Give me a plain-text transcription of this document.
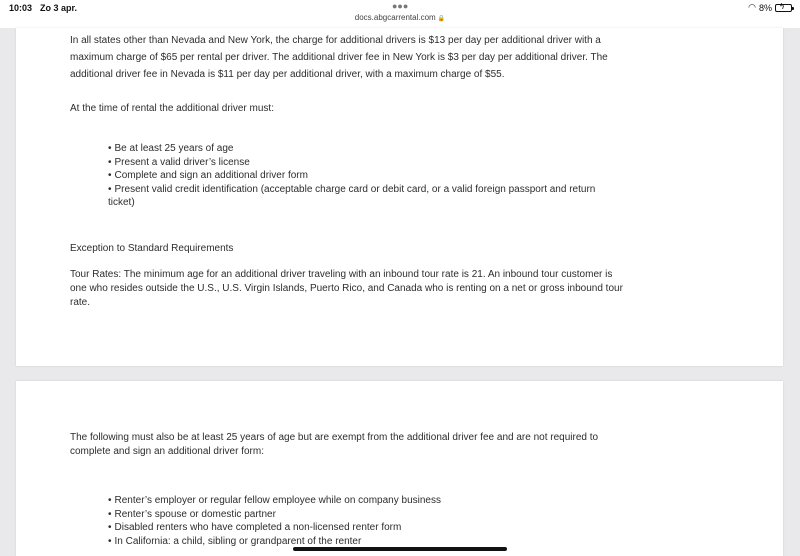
10:03 Zo 3 apr.	●●●
docs.abgcarrental.com 🔒
◠ 8% ϟ

In all states other than Nevada and New York, the charge for additional drivers is $13 per day per additional driver with a maximum charge of $65 per rental per driver. The additional driver fee in New York is $3 per day per additional driver. The additional driver fee in Nevada is $11 per day per additional driver, with a maximum charge of $55.

At the time of rental the additional driver must:

• Be at least 25 years of age
• Present a valid driver’s license
• Complete and sign an additional driver form
• Present valid credit identification (acceptable charge card or debit card, or a valid foreign passport and return ticket)

Exception to Standard Requirements

Tour Rates: The minimum age for an additional driver traveling with an inbound tour rate is 21. An inbound tour customer is one who resides outside the U.S., U.S. Virgin Islands, Puerto Rico, and Canada who is renting on a net or gross inbound tour rate.

The following must also be at least 25 years of age but are exempt from the additional driver fee and are not required to complete and sign an additional driver form:

• Renter’s employer or regular fellow employee while on company business
• Renter’s spouse or domestic partner
• Disabled renters who have completed a non-licensed renter form
• In California: a child, sibling or grandparent of the renter
